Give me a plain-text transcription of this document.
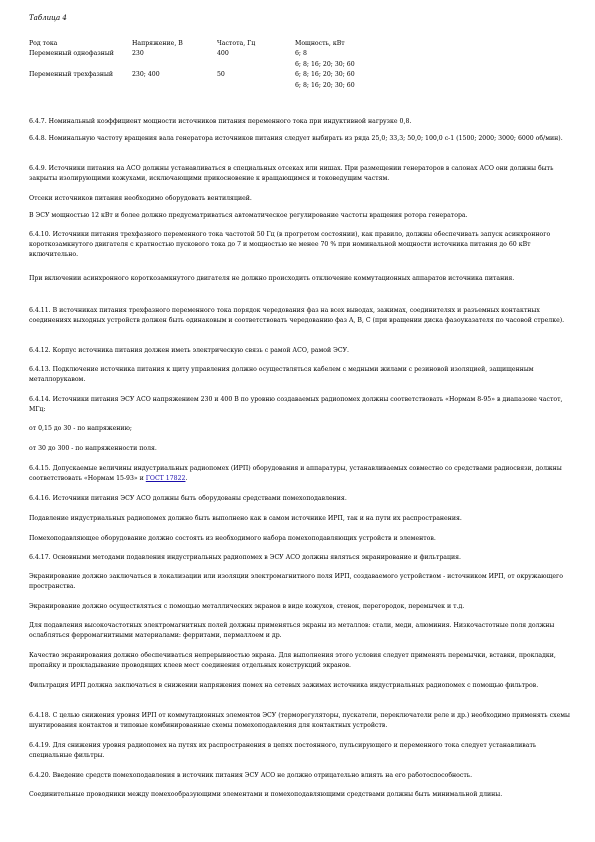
Таблица 4
Род тока	Напряжение, В	Частота, Гц	Мощность, кВт
Переменный однофазный	230	400	6; 8
			6; 8; 16; 20; 30; 60
Переменный трехфазный	230; 400	50	6; 8; 16; 20; 30; 60
			6; 8; 16; 20; 30; 60
6.4.7. Номинальный коэффициент мощности источников питания переменного тока при индуктивной нагрузке 0,8.
6.4.8. Номинальную частоту вращения вала генератора источников питания следует выбирать из ряда 25,0; 33,3; 50,0; 100,0 с-1 (1500; 2000; 3000; 6000 об/мин).
6.4.9. Источники питания на АСО должны устанавливаться в специальных отсеках или нишах. При размещении генераторов в салонах АСО они должны быть закрыты изолирующими кожухами, исключающими прикосновение к вращающимся и токоведущим частям.
Отсеки источников питания необходимо оборудовать вентиляцией.
В ЭСУ мощностью 12 кВт и более должно предусматриваться автоматическое регулирование частоты вращения ротора генератора.
6.4.10. Источники питания трехфазного переменного тока частотой 50 Гц (в прогретом состоянии), как правило, должны обеспечивать запуск асинхронного короткозамкнутого двигателя с кратностью пускового тока до 7 и мощностью не менее 70 % при номинальной мощности источника питания до 60 кВт включительно.
При включении асинхронного короткозамкнутого двигателя не должно происходить отключение коммутационных аппаратов источника питания.
6.4.11. В источниках питания трехфазного переменного тока порядок чередования фаз на всех выводах, зажимах, соединителях и разъемных контактных соединениях выходных устройств должен быть одинаковым и соответствовать чередованию фаз A, B, C (при вращении диска фазоуказателя по часовой стрелке).
6.4.12. Корпус источника питания должен иметь электрическую связь с рамой АСО, рамой ЭСУ.
6.4.13. Подключение источника питания к щиту управления должно осуществляться кабелем с медными жилами с резиновой изоляцией, защищенным металлорукавом.
6.4.14. Источники питания ЭСУ АСО напряжением 230 и 400 В по уровню создаваемых радиопомех должны соответствовать «Нормам 8-95» в диапазоне частот, МГц:
от 0,15 до 30 - по напряжению;
от 30 до 300 - по напряженности поля.
6.4.15. Допускаемые величины индустриальных радиопомех (ИРП) оборудования и аппаратуры, устанавливаемых совместно со средствами радиосвязи, должны соответствовать «Нормам 15-93» и ГОСТ 17822.
6.4.16. Источники питания ЭСУ АСО должны быть оборудованы средствами помехоподавления.
Подавление индустриальных радиопомех должно быть выполнено как в самом источнике ИРП, так и на пути их распространения.
Помехоподавляющее оборудование должно состоять из необходимого набора помехоподавляющих устройств и элементов.
6.4.17. Основными методами подавления индустриальных радиопомех в ЭСУ АСО должны являться экранирование и фильтрация.
Экранирование должно заключаться в локализации или изоляции электромагнитного поля ИРП, создаваемого устройством - источником ИРП, от окружающего пространства.
Экранирование должно осуществляться с помощью металлических экранов в виде кожухов, стенок, перегородок, перемычек и т.д.
Для подавления высокочастотных электромагнитных полей должны применяться экраны из металлов: стали, меди, алюминия. Низкочастотные поля должны ослабляться ферромагнитными материалами: ферритами, пермаллоем и др.
Качество экранирования должно обеспечиваться непрерывностью экрана. Для выполнения этого условия следует применять перемычки, вставки, прокладки, пропайку и прокладывание проводящих клеев мест соединения отдельных конструкций экранов.
Фильтрация ИРП должна заключаться в снижении напряжения помех на сетевых зажимах источника индустриальных радиопомех с помощью фильтров.
6.4.18. С целью снижения уровня ИРП от коммутационных элементов ЭСУ (терморегуляторы, пускатели, переключатели реле и др.) необходимо применять схемы шунтирования контактов и типовые комбинированные схемы помехоподавления для контактных устройств.
6.4.19. Для снижения уровня радиопомех на путях их распространения в цепях постоянного, пульсирующего и переменного тока следует устанавливать специальные фильтры.
6.4.20. Введение средств помехоподавления в источник питания ЭСУ АСО не должно отрицательно влиять на его работоспособность.
Соединительные проводники между помехообразующими элементами и помехоподавляющими средствами должны быть минимальной длины.
